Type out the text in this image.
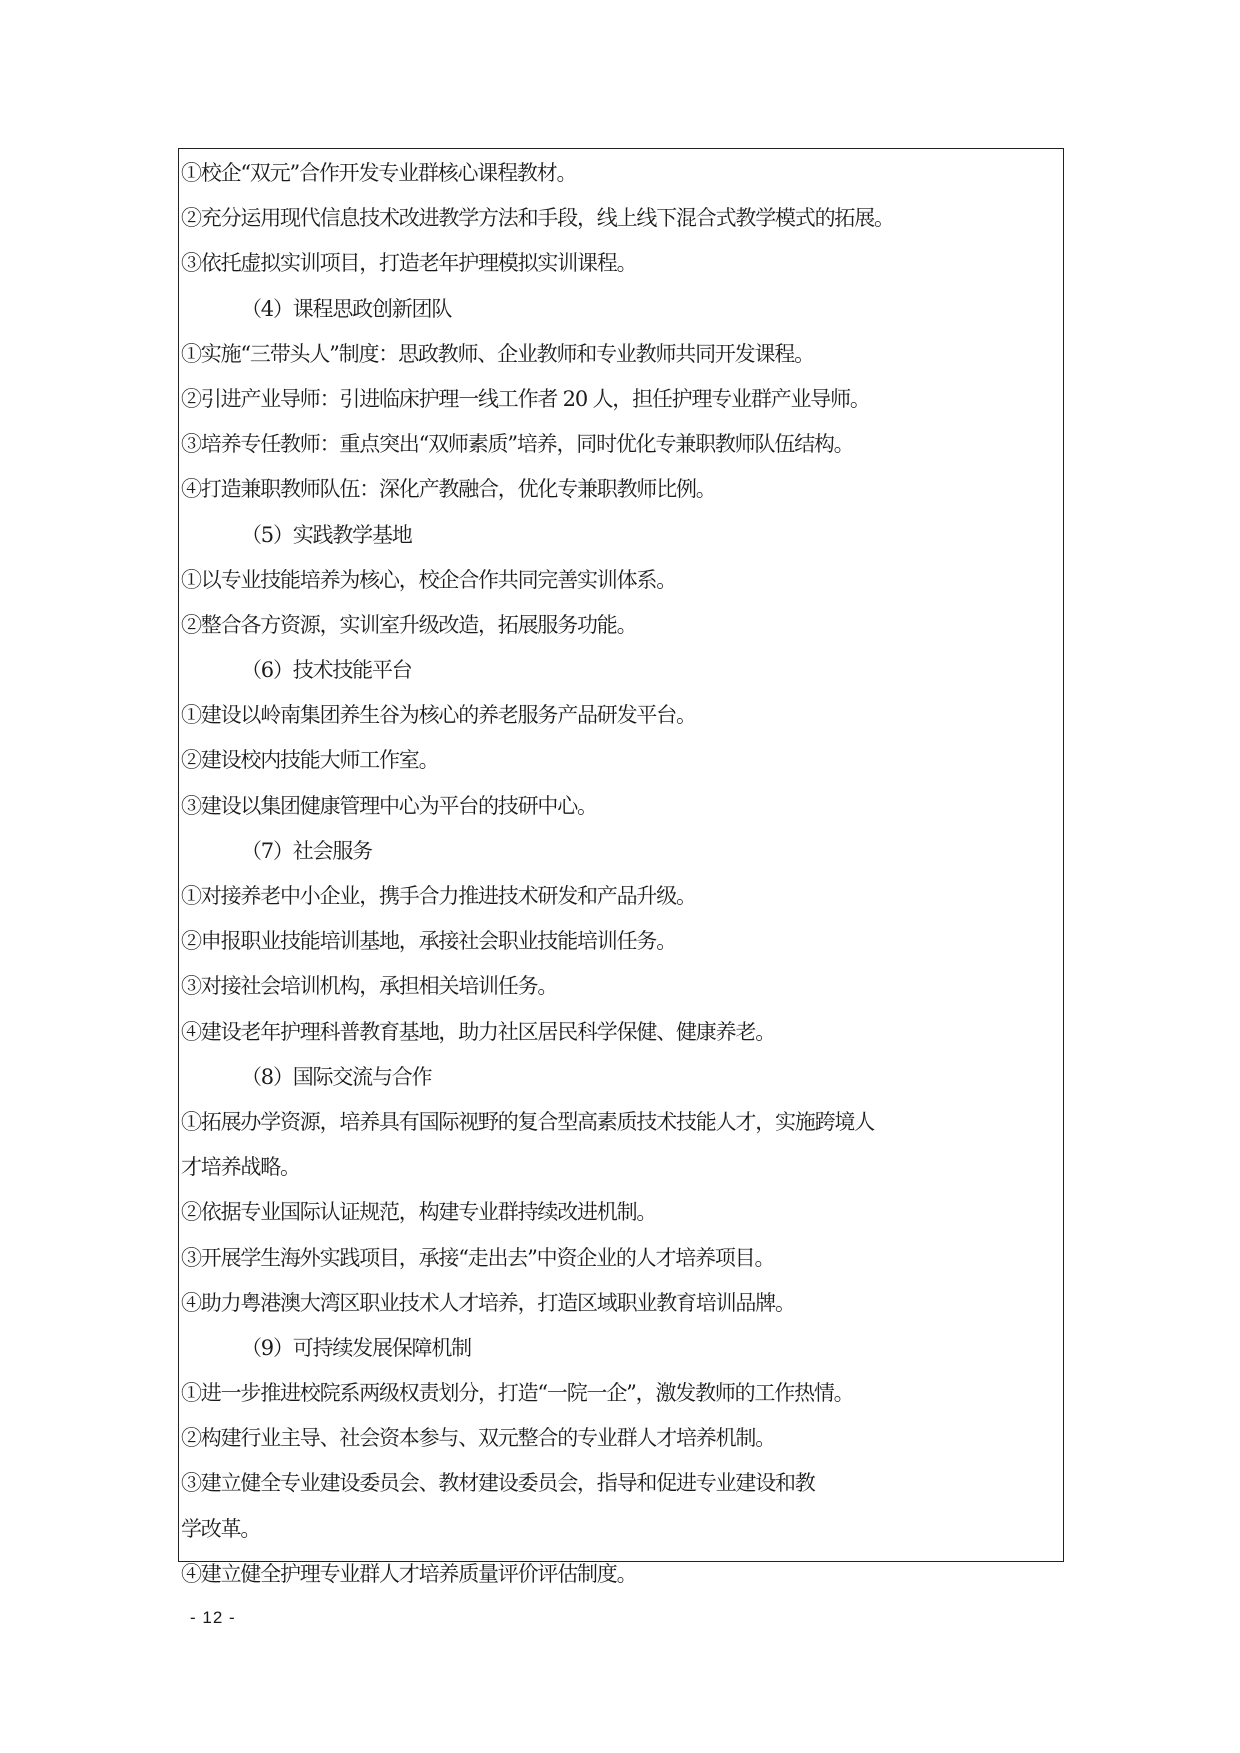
①校企“双元”合作开发专业群核心课程教材。
②充分运用现代信息技术改进教学方法和手段，线上线下混合式教学模式的拓展。
③依托虚拟实训项目，打造老年护理模拟实训课程。
（4）课程思政创新团队
①实施“三带头人”制度：思政教师、企业教师和专业教师共同开发课程。
②引进产业导师：引进临床护理一线工作者 20 人，担任护理专业群产业导师。
③培养专任教师：重点突出“双师素质”培养，同时优化专兼职教师队伍结构。
④打造兼职教师队伍：深化产教融合，优化专兼职教师比例。
（5）实践教学基地
①以专业技能培养为核心，校企合作共同完善实训体系。
②整合各方资源，实训室升级改造，拓展服务功能。
（6）技术技能平台
①建设以岭南集团养生谷为核心的养老服务产品研发平台。
②建设校内技能大师工作室。
③建设以集团健康管理中心为平台的技研中心。
（7）社会服务
①对接养老中小企业，携手合力推进技术研发和产品升级。
②申报职业技能培训基地，承接社会职业技能培训任务。
③对接社会培训机构，承担相关培训任务。
④建设老年护理科普教育基地，助力社区居民科学保健、健康养老。
（8）国际交流与合作
①拓展办学资源，培养具有国际视野的复合型高素质技术技能人才，实施跨境人
才培养战略。
②依据专业国际认证规范，构建专业群持续改进机制。
③开展学生海外实践项目，承接“走出去”中资企业的人才培养项目。
④助力粤港澳大湾区职业技术人才培养，打造区域职业教育培训品牌。
（9）可持续发展保障机制
①进一步推进校院系两级权责划分，打造“一院一企”，激发教师的工作热情。
②构建行业主导、社会资本参与、双元整合的专业群人才培养机制。
③建立健全专业建设委员会、教材建设委员会，指导和促进专业建设和教
学改革。
④建立健全护理专业群人才培养质量评价评估制度。
- 12 -
